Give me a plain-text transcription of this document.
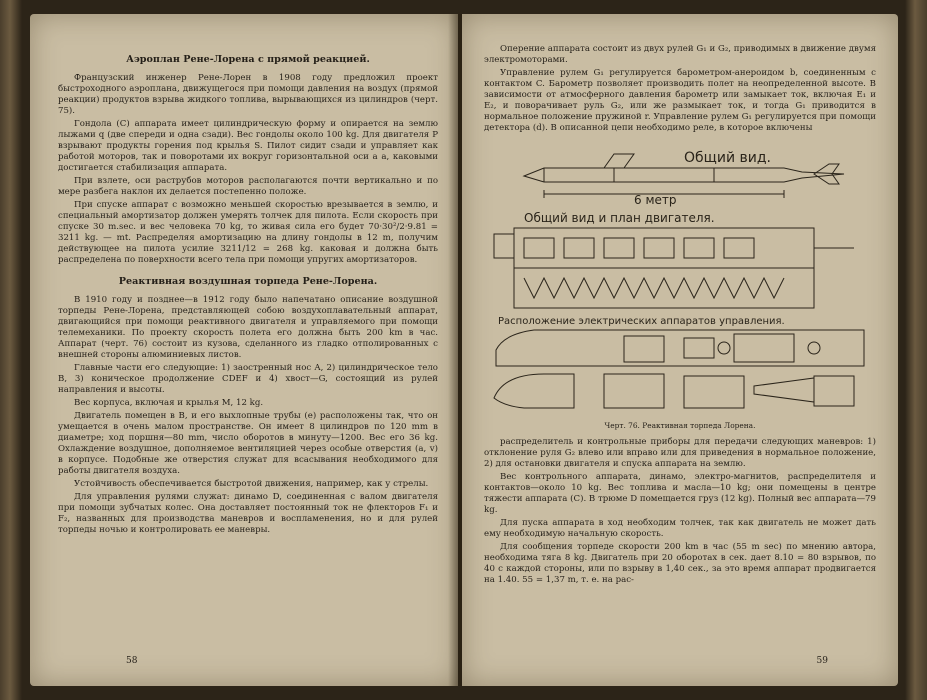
Аэроплан Рене-Лорена с прямой реакцией.

Французский инженер Рене-Лорен в 1908 году предложил проект быстроходного аэроплана, движущегося при помощи давления на воздух (прямой реакции) продуктов взрыва жидкого топлива, вырывающихся из цилиндров (черт. 75).

Гондола (С) аппарата имеет цилиндрическую форму и опирается на землю лыжами q (две спереди и одна сзади). Вес гондолы около 100 kg. Для двигателя P взрывают продукты горения под крылья S. Пилот сидит сзади и управляет как работой моторов, так и поворотами их вокруг горизонтальной оси a a, каковыми достигается стабилизация аппарата.

При взлете, оси раструбов моторов располагаются почти вертикально и по мере разбега наклон их делается постепенно положе.

При спуске аппарат с возможно меньшей скоростью врезывается в землю, и специальный амортизатор должен умерять толчек для пилота. Если скорость при спуске 30 m.sec. и вес человека 70 kg, то живая сила его будет 70·30²/2·9.81 = 3211 kg. — mt. Распределяя амортизацию на длину гондолы в 12 m, получим действующее на пилота усилие 3211/12 = 268 kg. каковая и должна быть распределена по поверхности всего тела при помощи упругих амортизаторов.

Реактивная воздушная торпеда Рене-Лорена.

В 1910 году и позднее—в 1912 году было напечатано описание воздушной торпеды Рене-Лорена, представляющей собою воздухоплавательный аппарат, двигающийся при помощи реактивного двигателя и управляемого при помощи телемеханики. По проекту скорость полета его должна быть 200 km в час. Аппарат (черт. 76) состоит из кузова, сделанного из гладко отполированных с внешней стороны алюминиевых листов.

Главные части его следующие: 1) заостренный нос A, 2) цилиндрическое тело B, 3) коническое продолжение CDEF и 4) хвост—G, состоящий из рулей направления и высоты.

Вес корпуса, включая и крылья M, 12 kg.

Двигатель помещен в B, и его выхлопные трубы (e) расположены так, что он умещается в очень малом пространстве. Он имеет 8 цилиндров по 120 mm в диаметре; ход поршня—80 mm, число оборотов в минуту—1200. Вес его 36 kg. Охлаждение воздушное, дополняемое вентиляцией через особые отверстия (a, v) в корпусе. Подобные же отверстия служат для всасывания необходимого для работы двигателя воздуха.

Устойчивость обеспечивается быстротой движения, например, как у стрелы.

Для управления рулями служат: динамо D, соединенная с валом двигателя при помощи зубчатых колес. Она доставляет постоянный ток не флекторов F₁ и F₂, названных для производства маневров и воспламенения, но и для рулей торпеды ночью и контролировать ее маневры.

58

Оперение аппарата состоит из двух рулей G₁ и G₂, приводимых в движение двумя электромоторами.

Управление рулем G₁ регулируется барометром-анероидом b, соединенным с контактом C. Барометр позволяет производить полет на неопределенной высоте. В зависимости от атмосферного давления барометр или замыкает ток, включая E₁ и E₂, и поворачивает руль G₂, или же размыкает ток, и тогда G₁ приводится в нормальное положение пружиной r. Управление рулем G₁ регулируется при помощи детектора (d). В описанной цепи необходимо реле, в которое включены

Общий вид.
6 метр
Общий вид и план двигателя.
Расположение электрических аппаратов управления.
Черт. 76. Реактивная торпеда Лорена.

распределитель и контрольные приборы для передачи следующих маневров: 1) отклонение руля G₂ влево или вправо или для приведения в нормальное положение, 2) для остановки двигателя и спуска аппарата на землю.

Вес контрольного аппарата, динамо, электро-магнитов, распределителя и контактов—около 10 kg. Вес топлива и масла—10 kg; они помещены в центре тяжести аппарата (C). В трюме D помещается груз (12 kg). Полный вес аппарата—79 kg.

Для пуска аппарата в ход необходим толчек, так как двигатель не может дать ему необходимую начальную скорость.

Для сообщения торпеде скорости 200 km в час (55 m sec) по мнению автора, необходима тяга 8 kg. Двигатель при 20 оборотах в сек. дает 8.10 = 80 взрывов, по 40 с каждой стороны, или по взрыву в 1,40 сек., за это время аппарат продвигается на 1.40. 55 = 1,37 m, т. е. на рас-

59
